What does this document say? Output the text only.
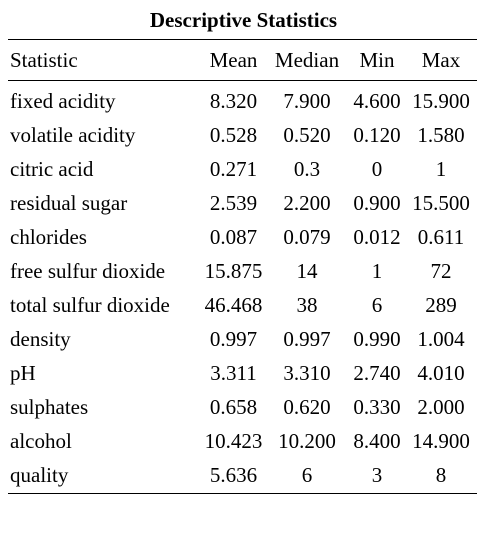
Descriptive Statistics
Statistic	Mean	Median	Min	Max
fixed acidity	8.320	7.900	4.600	15.900
volatile acidity	0.528	0.520	0.120	1.580
citric acid	0.271	0.3	0	1
residual sugar	2.539	2.200	0.900	15.500
chlorides	0.087	0.079	0.012	0.611
free sulfur dioxide	15.875	14	1	72
total sulfur dioxide	46.468	38	6	289
density	0.997	0.997	0.990	1.004
pH	3.311	3.310	2.740	4.010
sulphates	0.658	0.620	0.330	2.000
alcohol	10.423	10.200	8.400	14.900
quality	5.636	6	3	8
